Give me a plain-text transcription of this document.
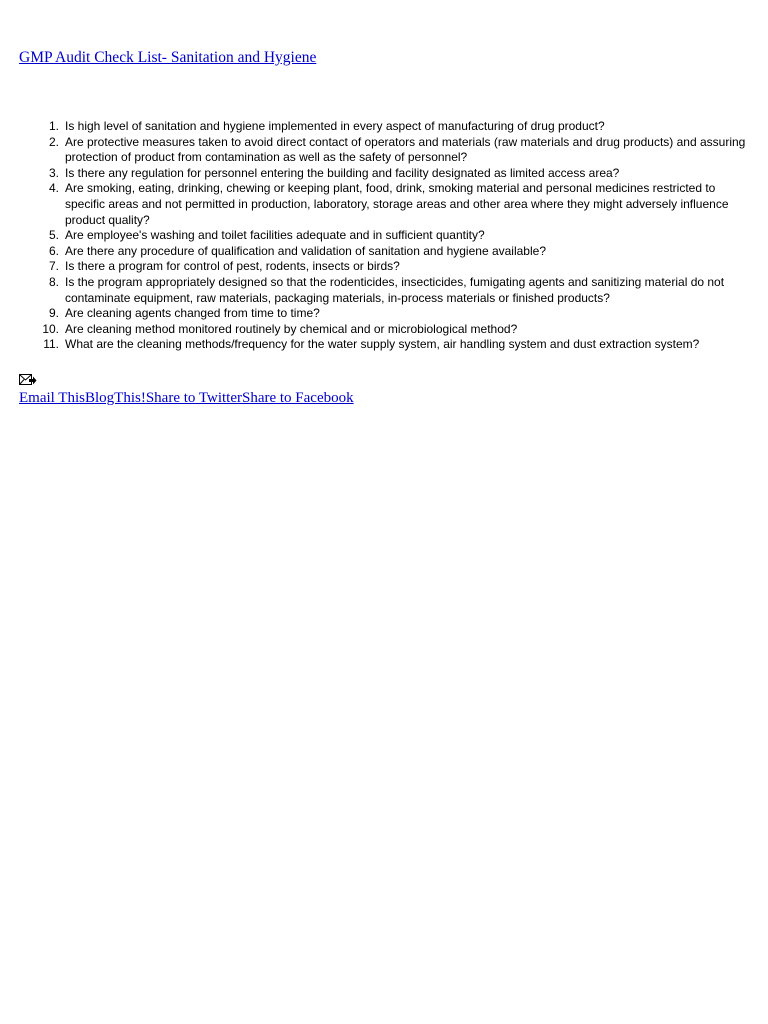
GMP Audit Check List- Sanitation and Hygiene
1. Is high level of sanitation and hygiene implemented in every aspect of manufacturing of drug product?
2. Are protective measures taken to avoid direct contact of operators and materials (raw materials and drug products) and assuring protection of product from contamination as well as the safety of personnel?
3. Is there any regulation for personnel entering the building and facility designated as limited access area?
4. Are smoking, eating, drinking, chewing or keeping plant, food, drink, smoking material and personal medicines restricted to specific areas and not permitted in production, laboratory, storage areas and other area where they might adversely influence product quality?
5. Are employee's washing and toilet facilities adequate and in sufficient quantity?
6. Are there any procedure of qualification and validation of sanitation and hygiene available?
7. Is there a program for control of pest, rodents, insects or birds?
8. Is the program appropriately designed so that the rodenticides, insecticides, fumigating agents and sanitizing material do not contaminate equipment, raw materials, packaging materials, in-process materials or finished products?
9. Are cleaning agents changed from time to time?
10. Are cleaning method monitored routinely by chemical and or microbiological method?
11. What are the cleaning methods/frequency for the water supply system, air handling system and dust extraction system?
Email ThisBlogThis!Share to TwitterShare to Facebook
